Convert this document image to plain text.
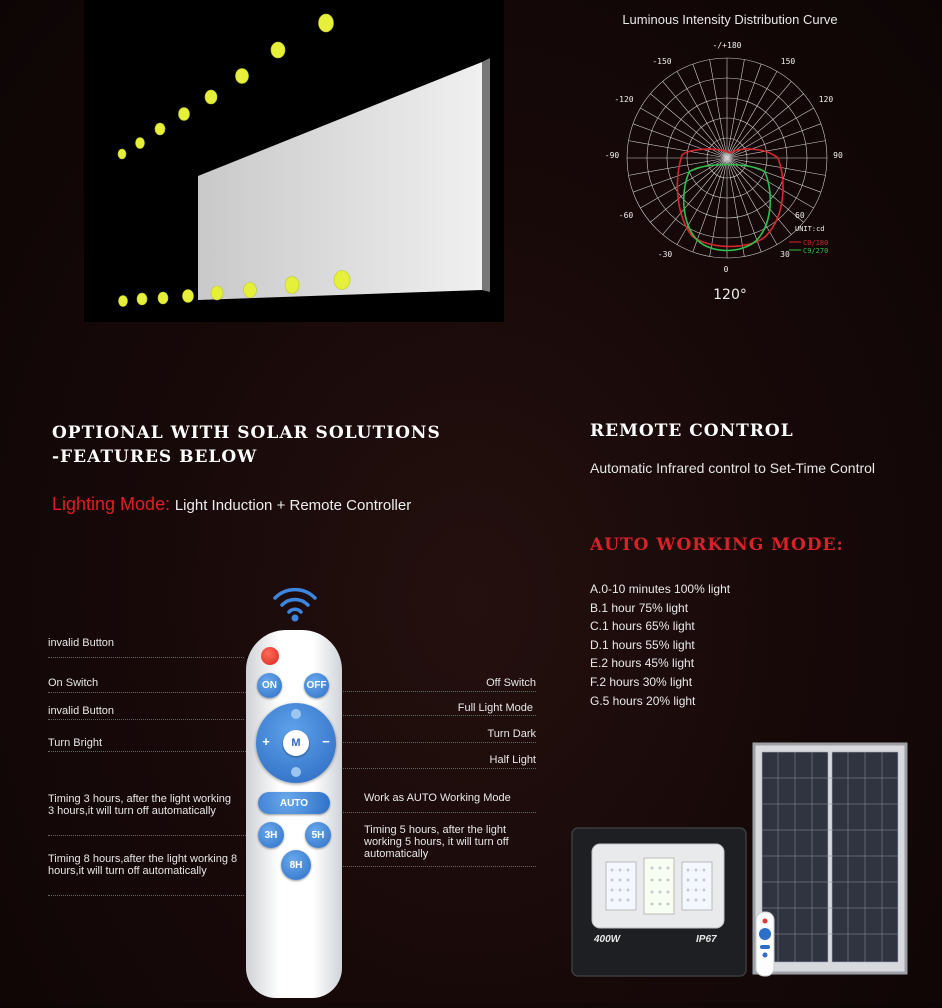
Luminous Intensity Distribution Curve
-/+180
-150	150
-120	120
-90	90
-60	60
UNIT:cd
-30	30
0
C0/180
C9/270
120°
OPTIONAL WITH SOLAR SOLUTIONS
-FEATURES BELOW
Lighting Mode: Light Induction + Remote Controller
REMOTE CONTROL
Automatic Infrared control to Set-Time Control
AUTO WORKING MODE:
A.0-10 minutes 100% light
B.1 hour 75% light
C.1 hours 65% light
D.1 hours 55% light
E.2 hours 45% light
F.2 hours 30% light
G.5 hours 20% light
invalid Button
On Switch
invalid Button
Turn Bright
Timing 3 hours, after the light working 3 hours,it will turn off automatically
Timing 8 hours,after the light working 8 hours,it will turn off automatically
Off Switch
Full Light Mode
Turn Dark
Half Light
Work as AUTO Working Mode
Timing 5 hours, after the light working 5 hours, it will turn off automatically
ON	OFF
+	−
M
AUTO
3H	5H
8H
400W	IP67
